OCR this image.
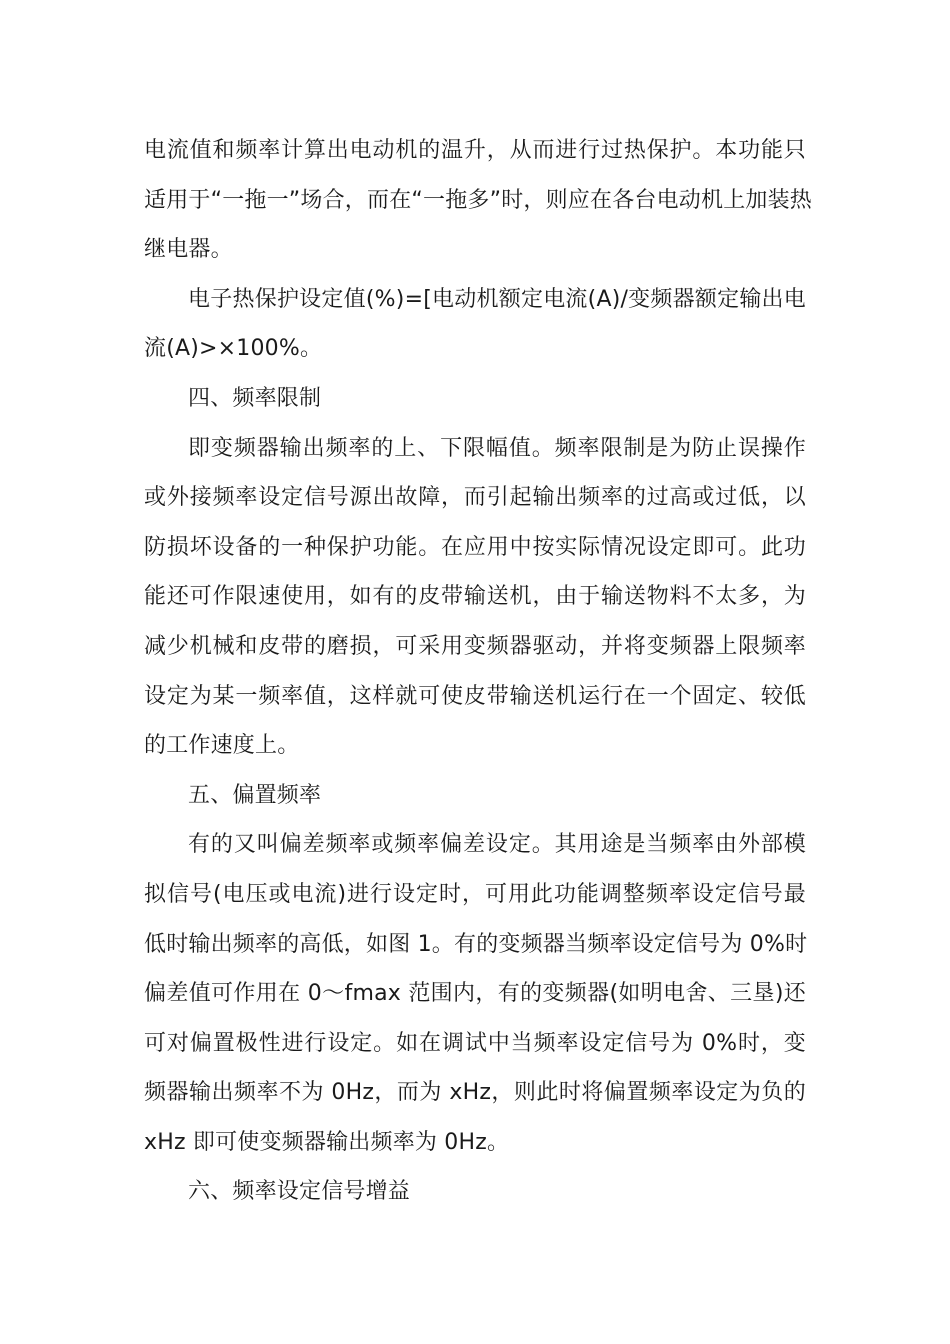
电流值和频率计算出电动机的温升，从而进行过热保护。本功能只
适用于“一拖一”场合，而在“一拖多”时，则应在各台电动机上加装热
继电器。
电子热保护设定值(%)=[电动机额定电流(A)/变频器额定输出电
流(A)>×100%。
四、频率限制
即变频器输出频率的上、下限幅值。频率限制是为防止误操作
或外接频率设定信号源出故障，而引起输出频率的过高或过低，以
防损坏设备的一种保护功能。在应用中按实际情况设定即可。此功
能还可作限速使用，如有的皮带输送机，由于输送物料不太多，为
减少机械和皮带的磨损，可采用变频器驱动，并将变频器上限频率
设定为某一频率值，这样就可使皮带输送机运行在一个固定、较低
的工作速度上。
五、偏置频率
有的又叫偏差频率或频率偏差设定。其用途是当频率由外部模
拟信号(电压或电流)进行设定时，可用此功能调整频率设定信号最
低时输出频率的高低，如图 1。有的变频器当频率设定信号为 0%时
偏差值可作用在 0～fmax 范围内，有的变频器(如明电舍、三垦)还
可对偏置极性进行设定。如在调试中当频率设定信号为 0%时，变
频器输出频率不为 0Hz，而为 xHz，则此时将偏置频率设定为负的
xHz 即可使变频器输出频率为 0Hz。
六、频率设定信号增益
